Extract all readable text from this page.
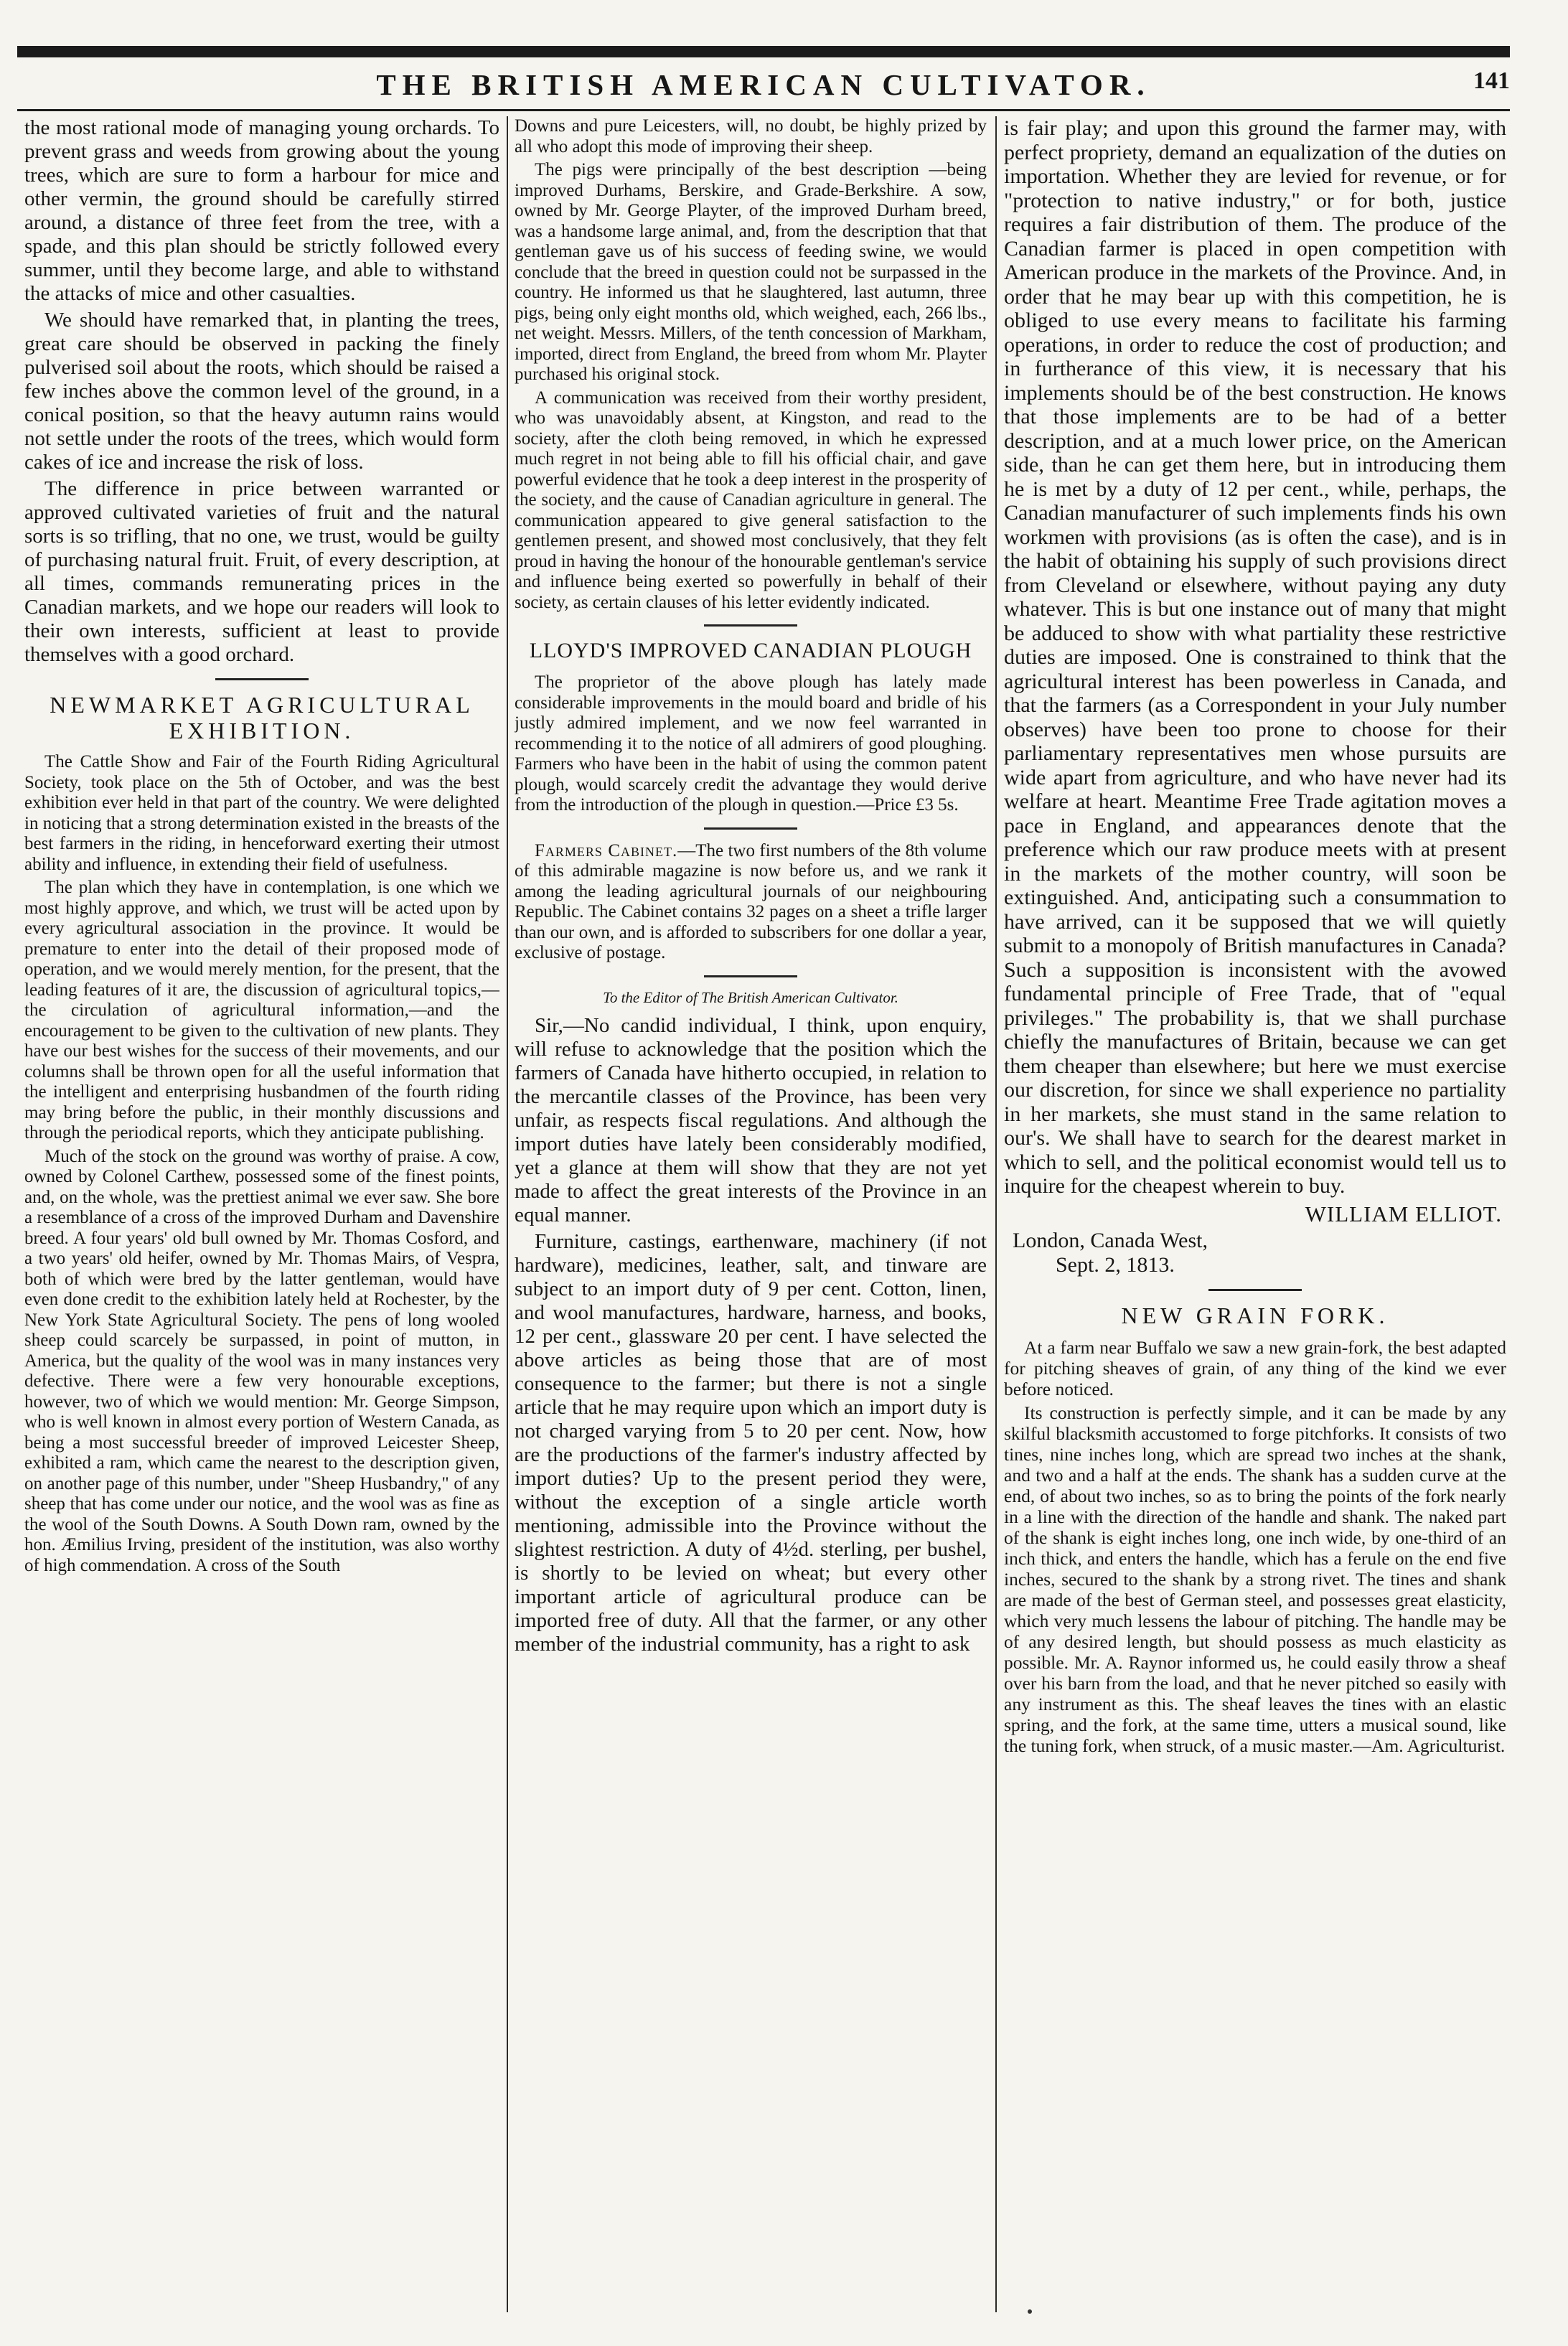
THE BRITISH AMERICAN CULTIVATOR.	141

the most rational mode of managing young orchards. To prevent grass and weeds from growing about the young trees, which are sure to form a harbour for mice and other vermin, the ground should be carefully stirred around, a distance of three feet from the tree, with a spade, and this plan should be strictly followed every summer, until they become large, and able to withstand the attacks of mice and other casualties.

We should have remarked that, in planting the trees, great care should be observed in packing the finely pulverised soil about the roots, which should be raised a few inches above the common level of the ground, in a conical position, so that the heavy autumn rains would not settle under the roots of the trees, which would form cakes of ice and increase the risk of loss.

The difference in price between warranted or approved cultivated varieties of fruit and the natural sorts is so trifling, that no one, we trust, would be guilty of purchasing natural fruit. Fruit, of every description, at all times, commands remunerating prices in the Canadian markets, and we hope our readers will look to their own interests, sufficient at least to provide themselves with a good orchard.

NEWMARKET AGRICULTURAL EXHIBITION.

The Cattle Show and Fair of the Fourth Riding Agricultural Society, took place on the 5th of October, and was the best exhibition ever held in that part of the country. We were delighted in noticing that a strong determination existed in the breasts of the best farmers in the riding, in henceforward exerting their utmost ability and influence, in extending their field of usefulness.

The plan which they have in contemplation, is one which we most highly approve, and which, we trust will be acted upon by every agricultural association in the province. It would be premature to enter into the detail of their proposed mode of operation, and we would merely mention, for the present, that the leading features of it are, the discussion of agricultural topics,—the circulation of agricultural information,—and the encouragement to be given to the cultivation of new plants. They have our best wishes for the success of their movements, and our columns shall be thrown open for all the useful information that the intelligent and enterprising husbandmen of the fourth riding may bring before the public, in their monthly discussions and through the periodical reports, which they anticipate publishing.

Much of the stock on the ground was worthy of praise. A cow, owned by Colonel Carthew, possessed some of the finest points, and, on the whole, was the prettiest animal we ever saw. She bore a resemblance of a cross of the improved Durham and Davenshire breed. A four years' old bull owned by Mr. Thomas Cosford, and a two years' old heifer, owned by Mr. Thomas Mairs, of Vespra, both of which were bred by the latter gentleman, would have even done credit to the exhibition lately held at Rochester, by the New York State Agricultural Society. The pens of long wooled sheep could scarcely be surpassed, in point of mutton, in America, but the quality of the wool was in many instances very defective. There were a few very honourable exceptions, however, two of which we would mention: Mr. George Simpson, who is well known in almost every portion of Western Canada, as being a most successful breeder of improved Leicester Sheep, exhibited a ram, which came the nearest to the description given, on another page of this number, under "Sheep Husbandry," of any sheep that has come under our notice, and the wool was as fine as the wool of the South Downs. A South Down ram, owned by the hon. Æmilius Irving, president of the institution, was also worthy of high commendation. A cross of the South

Downs and pure Leicesters, will, no doubt, be highly prized by all who adopt this mode of improving their sheep.

The pigs were principally of the best description —being improved Durhams, Berskire, and Grade-Berkshire. A sow, owned by Mr. George Playter, of the improved Durham breed, was a handsome large animal, and, from the description that that gentleman gave us of his success of feeding swine, we would conclude that the breed in question could not be surpassed in the country. He informed us that he slaughtered, last autumn, three pigs, being only eight months old, which weighed, each, 266 lbs., net weight. Messrs. Millers, of the tenth concession of Markham, imported, direct from England, the breed from whom Mr. Playter purchased his original stock.

A communication was received from their worthy president, who was unavoidably absent, at Kingston, and read to the society, after the cloth being removed, in which he expressed much regret in not being able to fill his official chair, and gave powerful evidence that he took a deep interest in the prosperity of the society, and the cause of Canadian agriculture in general. The communication appeared to give general satisfaction to the gentlemen present, and showed most conclusively, that they felt proud in having the honour of the honourable gentleman's service and influence being exerted so powerfully in behalf of their society, as certain clauses of his letter evidently indicated.

LLOYD'S IMPROVED CANADIAN PLOUGH

The proprietor of the above plough has lately made considerable improvements in the mould board and bridle of his justly admired implement, and we now feel warranted in recommending it to the notice of all admirers of good ploughing. Farmers who have been in the habit of using the common patent plough, would scarcely credit the advantage they would derive from the introduction of the plough in question.—Price £3 5s.

Farmers Cabinet.—The two first numbers of the 8th volume of this admirable magazine is now before us, and we rank it among the leading agricultural journals of our neighbouring Republic. The Cabinet contains 32 pages on a sheet a trifle larger than our own, and is afforded to subscribers for one dollar a year, exclusive of postage.

To the Editor of The British American Cultivator.

Sir,—No candid individual, I think, upon enquiry, will refuse to acknowledge that the position which the farmers of Canada have hitherto occupied, in relation to the mercantile classes of the Province, has been very unfair, as respects fiscal regulations. And although the import duties have lately been considerably modified, yet a glance at them will show that they are not yet made to affect the great interests of the Province in an equal manner.

Furniture, castings, earthenware, machinery (if not hardware), medicines, leather, salt, and tinware are subject to an import duty of 9 per cent. Cotton, linen, and wool manufactures, hardware, harness, and books, 12 per cent., glassware 20 per cent. I have selected the above articles as being those that are of most consequence to the farmer; but there is not a single article that he may require upon which an import duty is not charged varying from 5 to 20 per cent. Now, how are the productions of the farmer's industry affected by import duties? Up to the present period they were, without the exception of a single article worth mentioning, admissible into the Province without the slightest restriction. A duty of 4½d. sterling, per bushel, is shortly to be levied on wheat; but every other important article of agricultural produce can be imported free of duty. All that the farmer, or any other member of the industrial community, has a right to ask

is fair play; and upon this ground the farmer may, with perfect propriety, demand an equalization of the duties on importation. Whether they are levied for revenue, or for "protection to native industry," or for both, justice requires a fair distribution of them. The produce of the Canadian farmer is placed in open competition with American produce in the markets of the Province. And, in order that he may bear up with this competition, he is obliged to use every means to facilitate his farming operations, in order to reduce the cost of production; and in furtherance of this view, it is necessary that his implements should be of the best construction. He knows that those implements are to be had of a better description, and at a much lower price, on the American side, than he can get them here, but in introducing them he is met by a duty of 12 per cent., while, perhaps, the Canadian manufacturer of such implements finds his own workmen with provisions (as is often the case), and is in the habit of obtaining his supply of such provisions direct from Cleveland or elsewhere, without paying any duty whatever. This is but one instance out of many that might be adduced to show with what partiality these restrictive duties are imposed. One is constrained to think that the agricultural interest has been powerless in Canada, and that the farmers (as a Correspondent in your July number observes) have been too prone to choose for their parliamentary representatives men whose pursuits are wide apart from agriculture, and who have never had its welfare at heart. Meantime Free Trade agitation moves a pace in England, and appearances denote that the preference which our raw produce meets with at present in the markets of the mother country, will soon be extinguished. And, anticipating such a consummation to have arrived, can it be supposed that we will quietly submit to a monopoly of British manufactures in Canada? Such a supposition is inconsistent with the avowed fundamental principle of Free Trade, that of "equal privileges." The probability is, that we shall purchase chiefly the manufactures of Britain, because we can get them cheaper than elsewhere; but here we must exercise our discretion, for since we shall experience no partiality in her markets, she must stand in the same relation to our's. We shall have to search for the dearest market in which to sell, and the political economist would tell us to inquire for the cheapest wherein to buy.

WILLIAM ELLIOT.

London, Canada West,

Sept. 2, 1813.

NEW GRAIN FORK.

At a farm near Buffalo we saw a new grain-fork, the best adapted for pitching sheaves of grain, of any thing of the kind we ever before noticed.

Its construction is perfectly simple, and it can be made by any skilful blacksmith accustomed to forge pitchforks. It consists of two tines, nine inches long, which are spread two inches at the shank, and two and a half at the ends. The shank has a sudden curve at the end, of about two inches, so as to bring the points of the fork nearly in a line with the direction of the handle and shank. The naked part of the shank is eight inches long, one inch wide, by one-third of an inch thick, and enters the handle, which has a ferule on the end five inches, secured to the shank by a strong rivet. The tines and shank are made of the best of German steel, and possesses great elasticity, which very much lessens the labour of pitching. The handle may be of any desired length, but should possess as much elasticity as possible. Mr. A. Raynor informed us, he could easily throw a sheaf over his barn from the load, and that he never pitched so easily with any instrument as this. The sheaf leaves the tines with an elastic spring, and the fork, at the same time, utters a musical sound, like the tuning fork, when struck, of a music master.—Am. Agriculturist.
